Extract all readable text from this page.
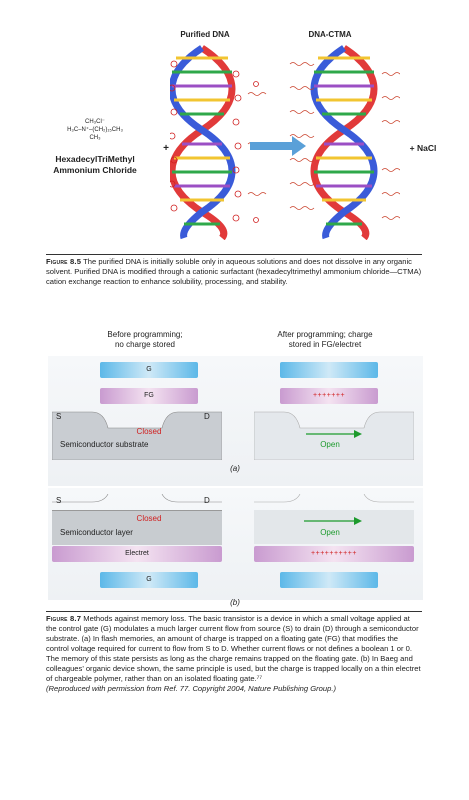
Purified DNA	DNA-CTMA
CH₃Cl⁻
H₃C–N⁺–(CH₂)₁₅CH₃
CH₃
HexadecylTriMethyl
Ammonium Chloride
+	+ NaCl
Figure 8.5 The purified DNA is initially soluble only in aqueous solutions and does not dissolve in any organic solvent. Purified DNA is modified through a cationic surfactant (hexadecyltrimethyl ammonium chloride—CTMA) cation exchange reaction to enhance solubility, processing, and stability.
Before programming;
no charge stored
After programming; charge
stored in FG/electret
G
FG
S	D
Closed
Semiconductor substrate
+++++++
Open
(a)
S	D
Closed
Semiconductor layer
Electret
G
Open
++++++++++
(b)
Figure 8.7 Methods against memory loss. The basic transistor is a device in which a small voltage applied at the control gate (G) modulates a much larger current flow from source (S) to drain (D) through a semiconductor substrate. (a) In flash memories, an amount of charge is trapped on a floating gate (FG) that modifies the control voltage required for current to flow from S to D. Whether current flows or not defines a boolean 1 or 0. The memory of this state persists as long as the charge remains trapped on the floating gate. (b) In Baeg and colleagues’ organic device shown, the same principle is used, but the charge is trapped locally on a thin electret of chargeable polymer, rather than on an isolated floating gate.⁷⁷
(Reproduced with permission from Ref. 77. Copyright 2004, Nature Publishing Group.)
